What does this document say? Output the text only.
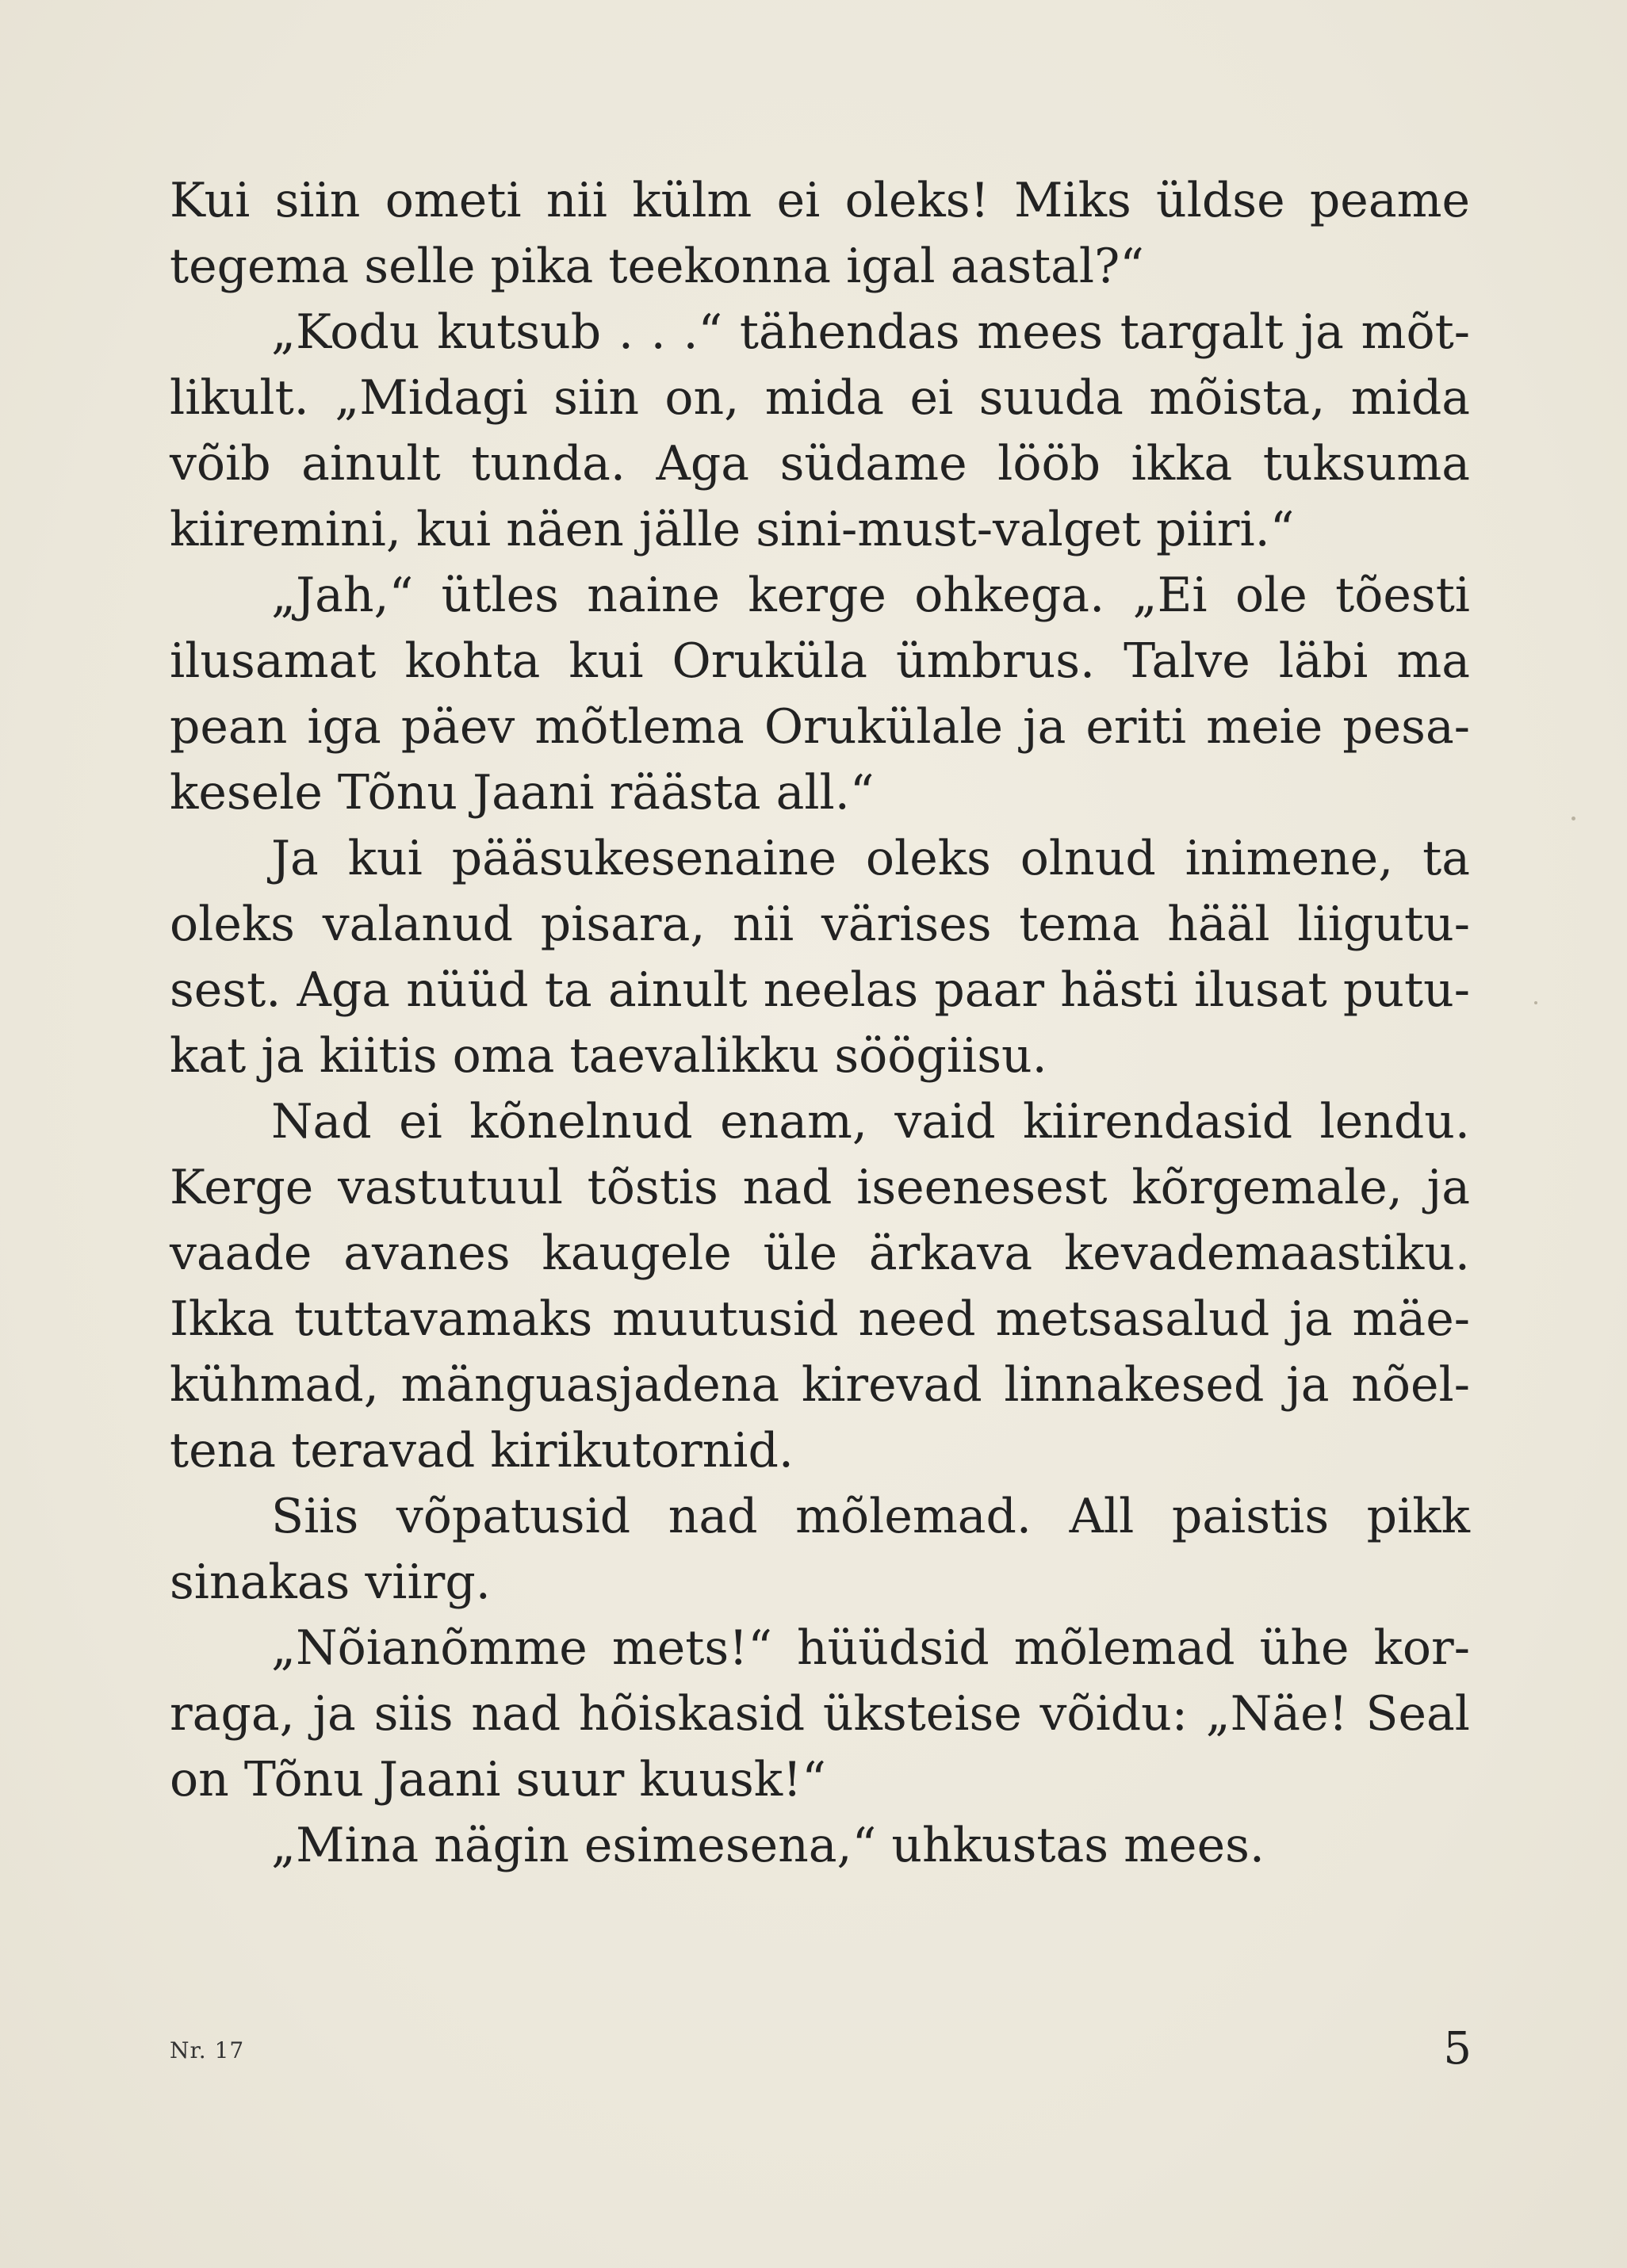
Kui siin ometi nii külm ei oleks! Miks üldse peame
tegema selle pika teekonna igal aastal?“
„Kodu kutsub . . .“ tähendas mees targalt ja mõt-
likult. „Midagi siin on, mida ei suuda mõista, mida
võib ainult tunda. Aga südame lööb ikka tuksuma
kiiremini, kui näen jälle sini-must-valget piiri.“
„Jah,“ ütles naine kerge ohkega. „Ei ole tõesti
ilusamat kohta kui Oruküla ümbrus. Talve läbi ma
pean iga päev mõtlema Orukülale ja eriti meie pesa-
kesele Tõnu Jaani räästa all.“
Ja kui pääsukesenaine oleks olnud inimene, ta
oleks valanud pisara, nii värises tema hääl liigutu-
sest. Aga nüüd ta ainult neelas paar hästi ilusat putu-
kat ja kiitis oma taevalikku söögiisu.
Nad ei kõnelnud enam, vaid kiirendasid lendu.
Kerge vastutuul tõstis nad iseenesest kõrgemale, ja
vaade avanes kaugele üle ärkava kevademaastiku.
Ikka tuttavamaks muutusid need metsasalud ja mäe-
kühmad, mänguasjadena kirevad linnakesed ja nõel-
tena teravad kirikutornid.
Siis võpatusid nad mõlemad. All paistis pikk
sinakas viirg.
„Nõianõmme mets!“ hüüdsid mõlemad ühe kor-
raga, ja siis nad hõiskasid üksteise võidu: „Näe! Seal
on Tõnu Jaani suur kuusk!“
„Mina nägin esimesena,“ uhkustas mees.
Nr. 17	5
